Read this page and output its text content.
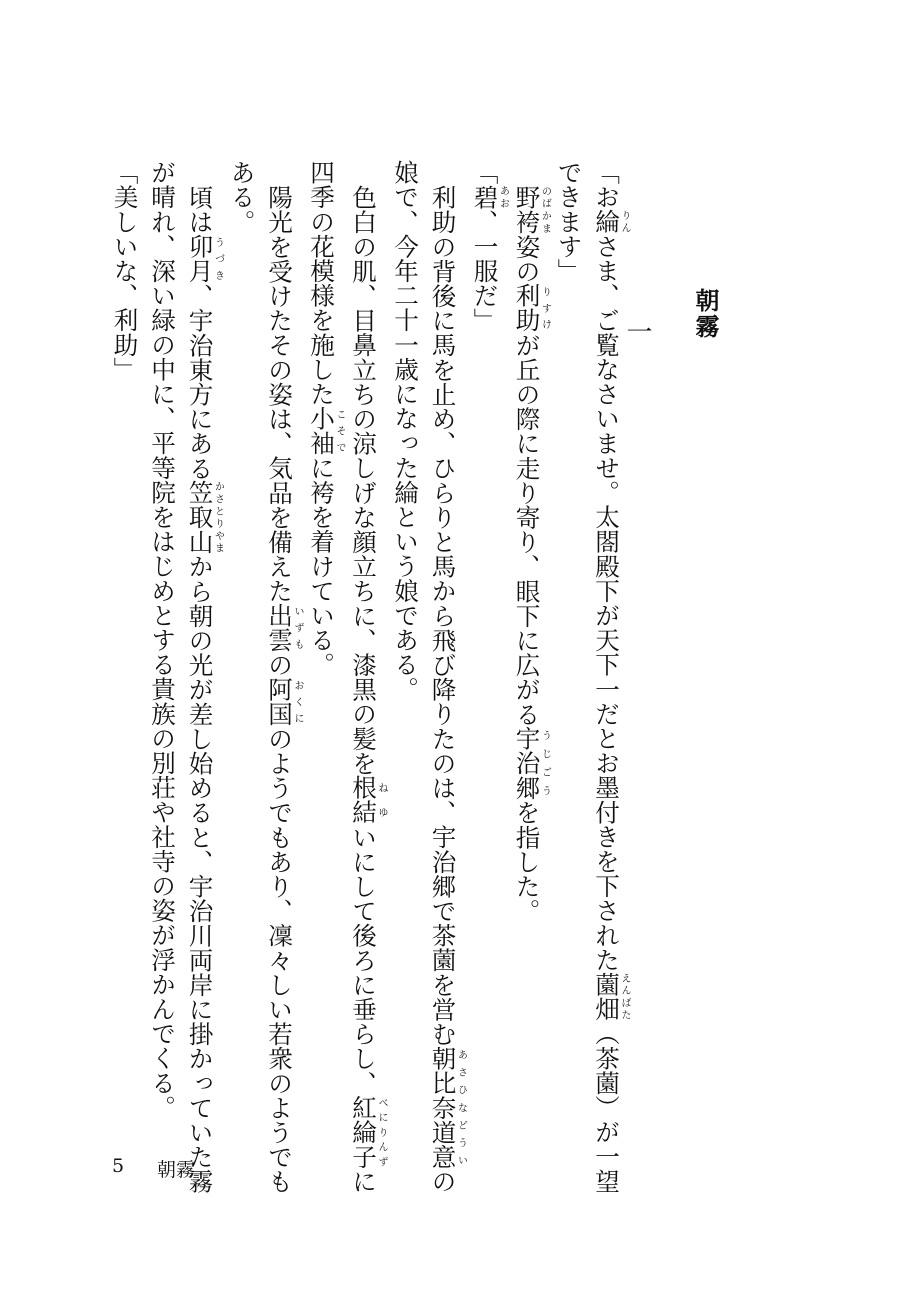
朝霧
一
「お綸りんさま、ご覧なさいませ。太閤殿下が天下一だとお墨付きを下された薗畑えんばた（茶薗）が一望
できます」
野袴のばかま姿の利助りすけが丘の際に走り寄り、眼下に広がる宇治郷うじごうを指した。
「碧あお、一服だ」
利助の背後に馬を止め、ひらりと馬から飛び降りたのは、宇治郷で茶薗を営む朝比奈道意あさひなどういの
娘で、今年二十一歳になった綸という娘である。
色白の肌、目鼻立ちの涼しげな顔立ちに、漆黒の髪を根結ねゆいにして後ろに垂らし、紅綸子べにりんずに
四季の花模様を施した小袖こそでに袴を着けている。
陽光を受けたその姿は、気品を備えた出雲いずもの阿国おくにのようでもあり、凜々しい若衆のようでも
ある。
頃は卯月うづき、宇治東方にある笠取山かさとりやまから朝の光が差し始めると、宇治川両岸に掛かっていた霧
が晴れ、深い緑の中に、平等院をはじめとする貴族の別荘や社寺の姿が浮かんでくる。
「美しいな、利助」
5 朝霧
